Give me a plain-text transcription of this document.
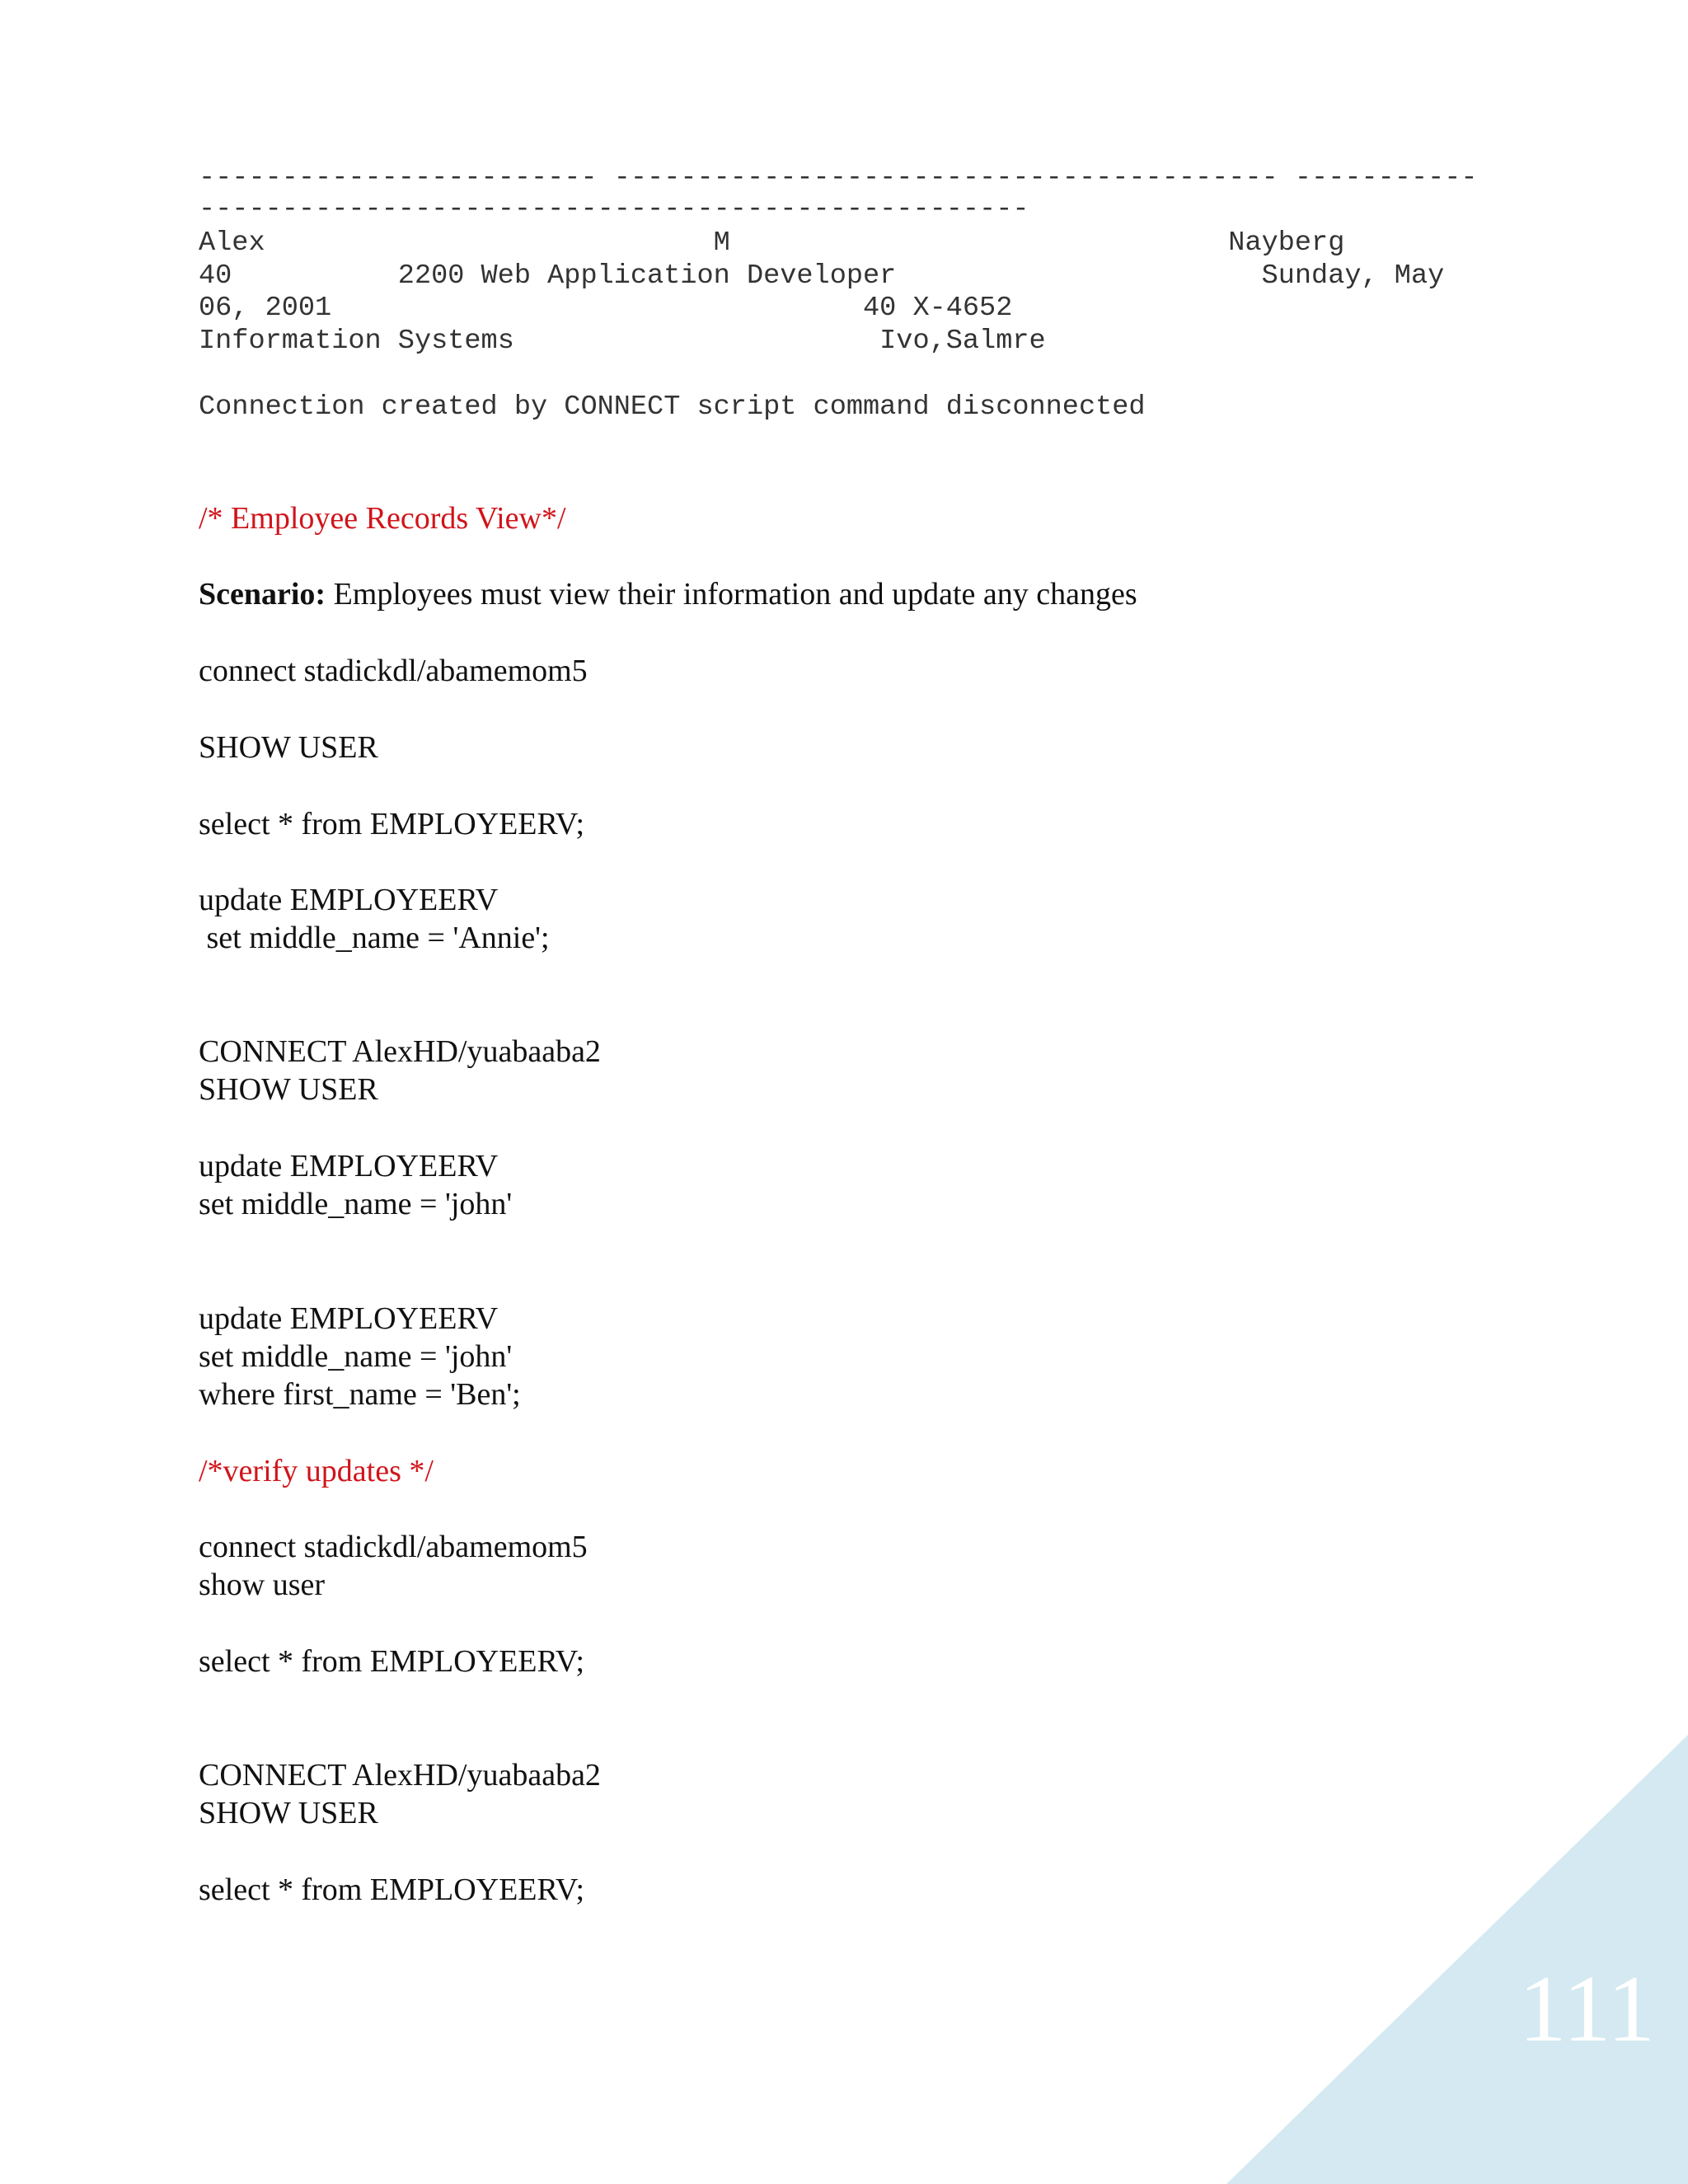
------------------------ ---------------------------------------- -----------
--------------------------------------------------
Alex                           M                              Nayberg
40          2200 Web Application Developer                      Sunday, May
06, 2001                                40 X-4652
Information Systems                      Ivo,Salmre
Connection created by CONNECT script command disconnected
/* Employee Records View*/
Scenario: Employees must view their information and update any changes
connect stadickdl/abamemom5
SHOW USER
select * from EMPLOYEERV;
update EMPLOYEERV
set middle_name = 'Annie';
CONNECT AlexHD/yuabaaba2
SHOW USER
update EMPLOYEERV
set middle_name = 'john'
update EMPLOYEERV
set middle_name = 'john'
where first_name = 'Ben';
/*verify updates */
connect stadickdl/abamemom5
show user
select * from EMPLOYEERV;
CONNECT AlexHD/yuabaaba2
SHOW USER
select * from EMPLOYEERV;
111
